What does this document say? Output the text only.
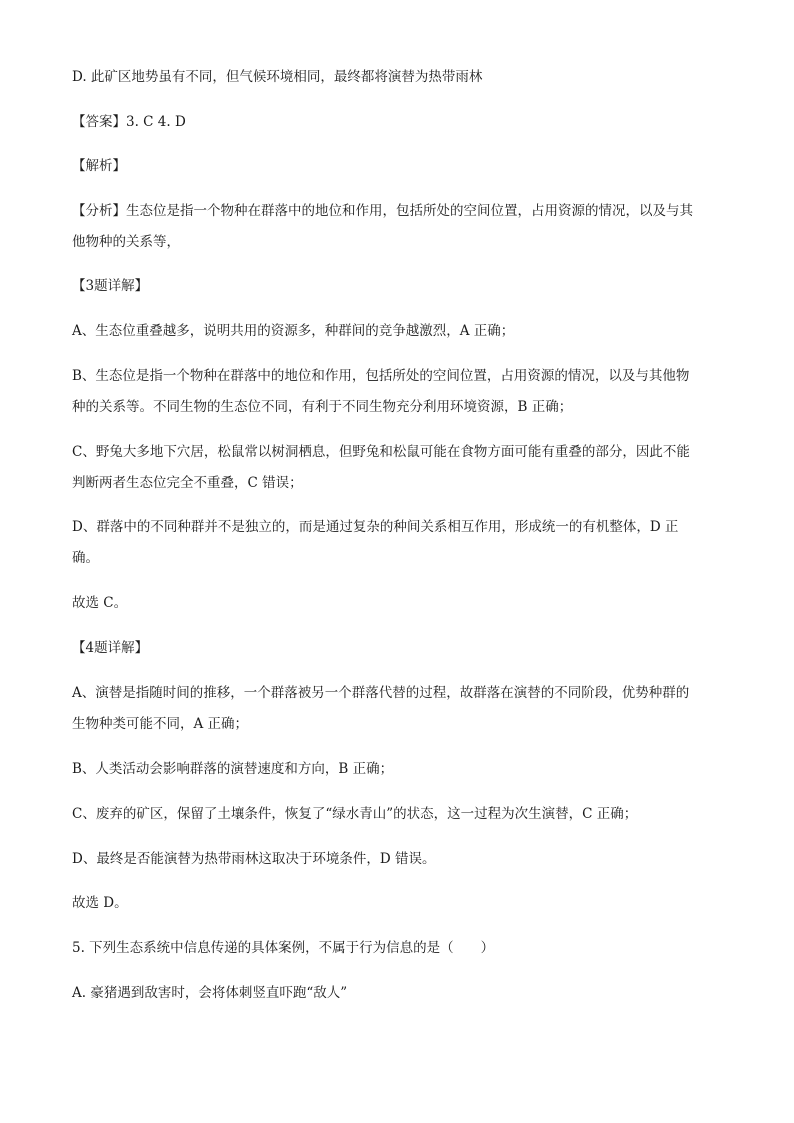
D. 此矿区地势虽有不同，但气候环境相同，最终都将演替为热带雨林
【答案】3. C 4. D
【解析】
【分析】生态位是指一个物种在群落中的地位和作用，包括所处的空间位置，占用资源的情况，以及与其
他物种的关系等，
【3题详解】
A、生态位重叠越多，说明共用的资源多，种群间的竞争越激烈，A 正确；
B、生态位是指一个物种在群落中的地位和作用，包括所处的空间位置，占用资源的情况，以及与其他物
种的关系等。不同生物的生态位不同，有利于不同生物充分利用环境资源，B 正确；
C、野兔大多地下穴居，松鼠常以树洞栖息，但野兔和松鼠可能在食物方面可能有重叠的部分，因此不能
判断两者生态位完全不重叠，C 错误；
D、群落中的不同种群并不是独立的，而是通过复杂的种间关系相互作用，形成统一的有机整体，D 正
确。
故选 C。
【4题详解】
A、演替是指随时间的推移，一个群落被另一个群落代替的过程，故群落在演替的不同阶段，优势种群的
生物种类可能不同，A 正确；
B、人类活动会影响群落的演替速度和方向，B 正确；
C、废弃的矿区，保留了土壤条件，恢复了“绿水青山”的状态，这一过程为次生演替，C 正确；
D、最终是否能演替为热带雨林这取决于环境条件，D 错误。
故选 D。
5. 下列生态系统中信息传递的具体案例，不属于行为信息的是（　　）
A. 豪猪遇到敌害时，会将体刺竖直吓跑“敌人”
